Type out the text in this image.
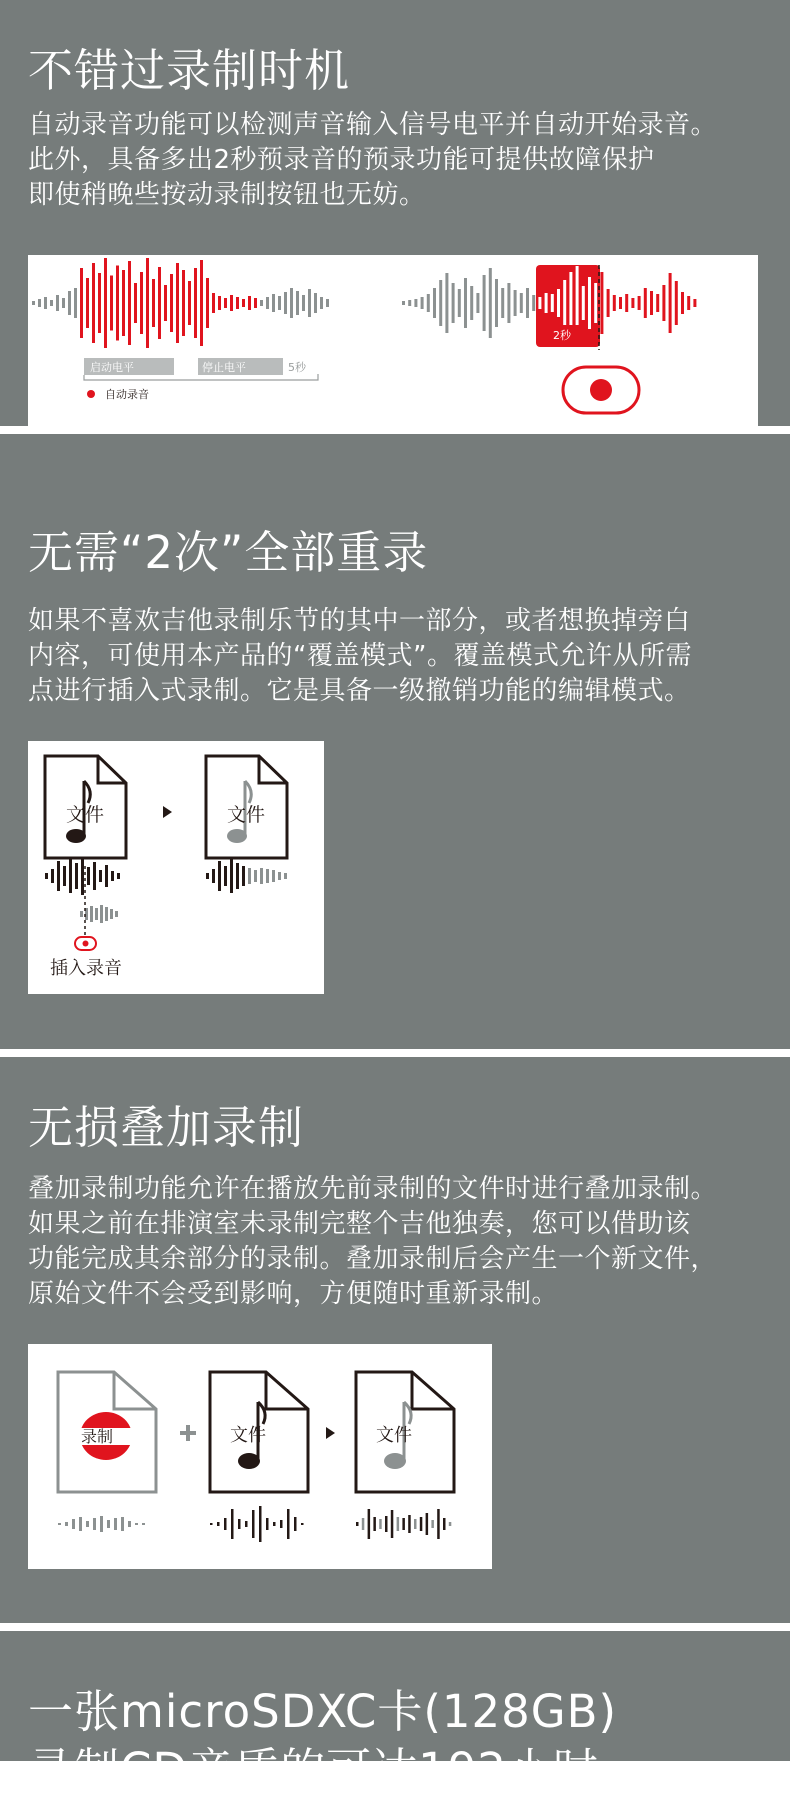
不错过录制时机
自动录音功能可以检测声音输入信号电平并自动开始录音。
此外，具备多出2秒预录音的预录功能可提供故障保护
即使稍晚些按动录制按钮也无妨。
启动电平	停止电平	5秒
自动录音
2秒
无需“2次”全部重录
如果不喜欢吉他录制乐节的其中一部分，或者想换掉旁白
内容，可使用本产品的“覆盖模式”。覆盖模式允许从所需
点进行插入式录制。它是具备一级撤销功能的编辑模式。
文件	文件
插入录音
无损叠加录制
叠加录制功能允许在播放先前录制的文件时进行叠加录制。
如果之前在排演室未录制完整个吉他独奏，您可以借助该
功能完成其余部分的录制。叠加录制后会产生一个新文件，
原始文件不会受到影响，方便随时重新录制。
录制	文件	文件
一张microSDXC卡(128GB)
录制CD音质的可达192小时
